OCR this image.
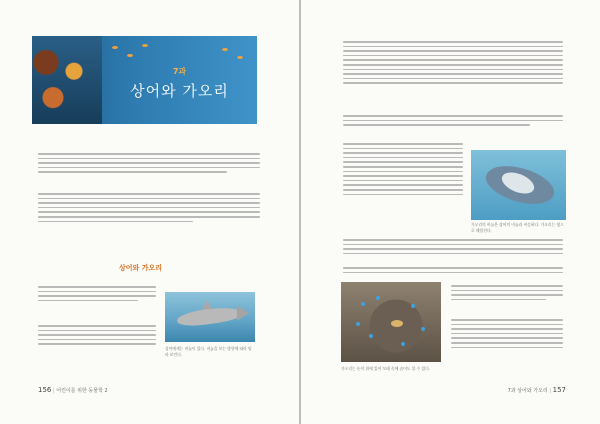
7과
상어와 가오리
상어와 가오리
상어에게는 비늘이 있다. 비늘을 보는 방향에 따라 달라 보인다.
156 | 어린이를 위한 동물학 2
가오리의 비늘은 상어의 비늘과 비슷하다. 가오리는 옆으로 헤엄친다.
가오리는 눈이 위에 있어 모래 속에 숨어도 볼 수 있다.
7과 상어와 가오리 | 157
